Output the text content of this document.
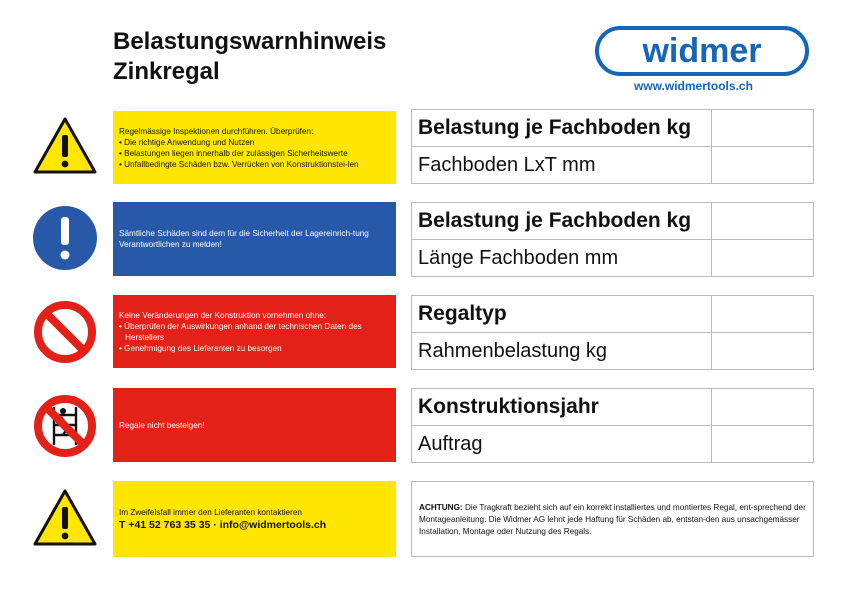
Belastungswarnhinweis
Zinkregal
widmer
www.widmertools.ch
Regelmässige Inspektionen durchführen. Überprüfen:
• Die richtige Anwendung und Nutzen
• Belastungen liegen innerhalb der zulässigen Sicherheitswerte
• Unfallbedingte Schäden bzw. Verrücken von Konstruktionstei-len
Belastung je Fachboden kg	
Fachboden LxT mm	
Sämtliche Schäden sind dem für die Sicherheit der Lagereinrich-tung Verantwortlichen zu melden!
Belastung je Fachboden kg	
Länge Fachboden mm	
Keine Veränderungen der Konstruktion vornehmen ohne:
• Überprüfen der Auswirkungen anhand der technischen Daten des Herstellers
• Genehmigung des Lieferanten zu besorgen
Regaltyp	
Rahmenbelastung kg	
Regale nicht besteigen!
Konstruktionsjahr	
Auftrag	
Im Zweifelsfall immer den Lieferanten kontaktieren
T +41 52 763 35 35 · info@widmertools.ch
ACHTUNG: Die Tragkraft bezieht sich auf ein korrekt installiertes und montiertes Regal, ent-sprechend der Montageanleitung. Die Widmer AG lehnt jede Haftung für Schäden ab, entstan-den aus unsachgemässer Installation, Montage oder Nutzung des Regals.
